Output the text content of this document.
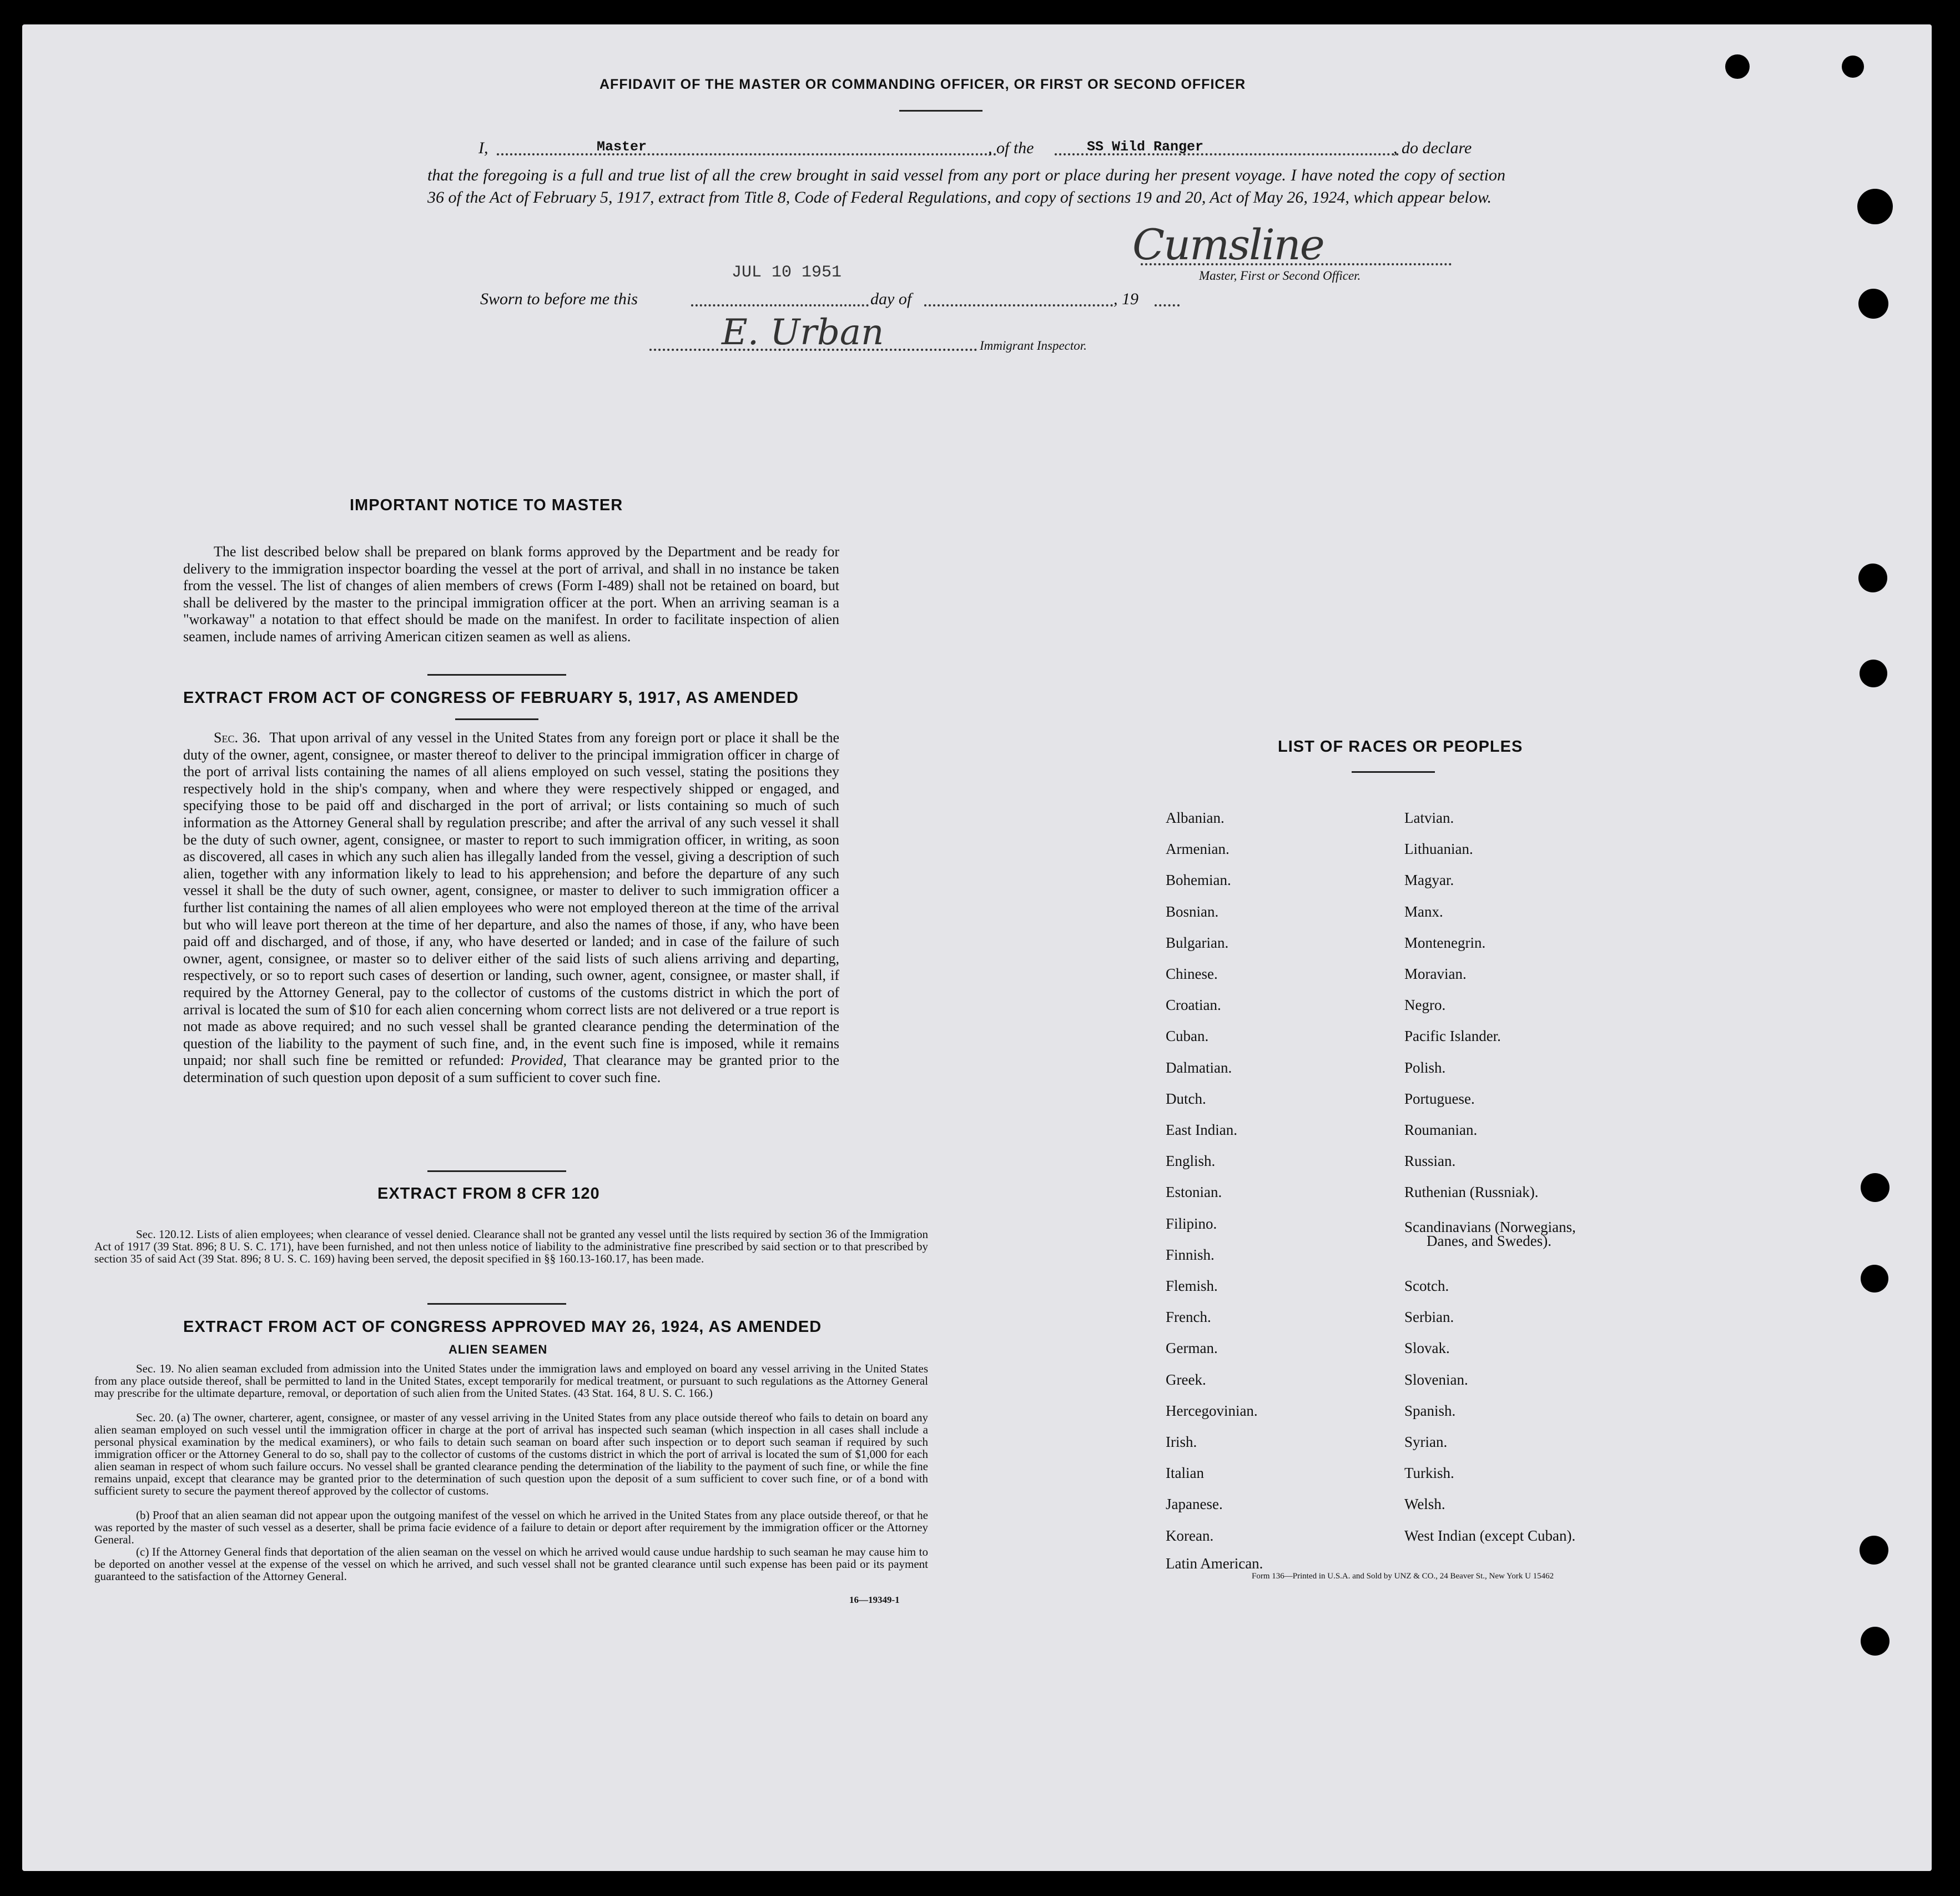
AFFIDAVIT OF THE MASTER OR COMMANDING OFFICER, OR FIRST OR SECOND OFFICER
I,	Master	, of the	SS Wild Ranger	, do declare
that the foregoing is a full and true list of all the crew brought in said vessel from any port or place during her present voyage. I have noted the copy of section 36 of the Act of February 5, 1917, extract from Title 8, Code of Federal Regulations, and copy of sections 19 and 20, Act of May 26, 1924, which appear below.
Cumsline
Master, First or Second Officer.
JUL 10 1951
Sworn to before me this	day of	, 19
E. Urban	Immigrant Inspector.
IMPORTANT NOTICE TO MASTER
The list described below shall be prepared on blank forms approved by the Department and be ready for delivery to the immigration inspector boarding the vessel at the port of arrival, and shall in no instance be taken from the vessel. The list of changes of alien members of crews (Form I-489) shall not be retained on board, but shall be delivered by the master to the principal immigration officer at the port. When an arriving seaman is a "workaway" a notation to that effect should be made on the manifest. In order to facilitate inspection of alien seamen, include names of arriving American citizen seamen as well as aliens.
EXTRACT FROM ACT OF CONGRESS OF FEBRUARY 5, 1917, AS AMENDED
Sec. 36. That upon arrival of any vessel in the United States from any foreign port or place it shall be the duty of the owner, agent, consignee, or master thereof to deliver to the principal immigration officer in charge of the port of arrival lists containing the names of all aliens employed on such vessel, stating the positions they respectively hold in the ship's company, when and where they were respectively shipped or engaged, and specifying those to be paid off and discharged in the port of arrival; or lists containing so much of such information as the Attorney General shall by regulation prescribe; and after the arrival of any such vessel it shall be the duty of such owner, agent, consignee, or master to report to such immigration officer, in writing, as soon as discovered, all cases in which any such alien has illegally landed from the vessel, giving a description of such alien, together with any information likely to lead to his apprehension; and before the departure of any such vessel it shall be the duty of such owner, agent, consignee, or master to deliver to such immigration officer a further list containing the names of all alien employees who were not employed thereon at the time of the arrival but who will leave port thereon at the time of her departure, and also the names of those, if any, who have been paid off and discharged, and of those, if any, who have deserted or landed; and in case of the failure of such owner, agent, consignee, or master so to deliver either of the said lists of such aliens arriving and departing, respectively, or so to report such cases of desertion or landing, such owner, agent, consignee, or master shall, if required by the Attorney General, pay to the collector of customs of the customs district in which the port of arrival is located the sum of $10 for each alien concerning whom correct lists are not delivered or a true report is not made as above required; and no such vessel shall be granted clearance pending the determination of the question of the liability to the payment of such fine, and, in the event such fine is imposed, while it remains unpaid; nor shall such fine be remitted or refunded: Provided, That clearance may be granted prior to the determination of such question upon deposit of a sum sufficient to cover such fine.
EXTRACT FROM 8 CFR 120
Sec. 120.12. Lists of alien employees; when clearance of vessel denied. Clearance shall not be granted any vessel until the lists required by section 36 of the Immigration Act of 1917 (39 Stat. 896; 8 U. S. C. 171), have been furnished, and not then unless notice of liability to the administrative fine prescribed by said section or to that prescribed by section 35 of said Act (39 Stat. 896; 8 U. S. C. 169) having been served, the deposit specified in §§ 160.13-160.17, has been made.
EXTRACT FROM ACT OF CONGRESS APPROVED MAY 26, 1924, AS AMENDED
ALIEN SEAMEN
Sec. 19. No alien seaman excluded from admission into the United States under the immigration laws and employed on board any vessel arriving in the United States from any place outside thereof, shall be permitted to land in the United States, except temporarily for medical treatment, or pursuant to such regulations as the Attorney General may prescribe for the ultimate departure, removal, or deportation of such alien from the United States. (43 Stat. 164, 8 U. S. C. 166.)
Sec. 20. (a) The owner, charterer, agent, consignee, or master of any vessel arriving in the United States from any place outside thereof who fails to detain on board any alien seaman employed on such vessel until the immigration officer in charge at the port of arrival has inspected such seaman (which inspection in all cases shall include a personal physical examination by the medical examiners), or who fails to detain such seaman on board after such inspection or to deport such seaman if required by such immigration officer or the Attorney General to do so, shall pay to the collector of customs of the customs district in which the port of arrival is located the sum of $1,000 for each alien seaman in respect of whom such failure occurs. No vessel shall be granted clearance pending the determination of the liability to the payment of such fine, or while the fine remains unpaid, except that clearance may be granted prior to the determination of such question upon the deposit of a sum sufficient to cover such fine, or of a bond with sufficient surety to secure the payment thereof approved by the collector of customs.
(b) Proof that an alien seaman did not appear upon the outgoing manifest of the vessel on which he arrived in the United States from any place outside thereof, or that he was reported by the master of such vessel as a deserter, shall be prima facie evidence of a failure to detain or deport after requirement by the immigration officer or the Attorney General.
(c) If the Attorney General finds that deportation of the alien seaman on the vessel on which he arrived would cause undue hardship to such seaman he may cause him to be deported on another vessel at the expense of the vessel on which he arrived, and such vessel shall not be granted clearance until such expense has been paid or its payment guaranteed to the satisfaction of the Attorney General.
16—19349-1
LIST OF RACES OR PEOPLES
Form 136—Printed in U.S.A. and Sold by UNZ & CO., 24 Beaver St., New York U 15462
Albanian.
Armenian.
Bohemian.
Bosnian.
Bulgarian.
Chinese.
Croatian.
Cuban.
Dalmatian.
Dutch.
East Indian.
English.
Estonian.
Filipino.
Finnish.
Flemish.
French.
German.
Greek.
Hercegovinian.
Irish.
Italian
Japanese.
Korean.
Latin American.
Latvian.
Lithuanian.
Magyar.
Manx.
Montenegrin.
Moravian.
Negro.
Pacific Islander.
Polish.
Portuguese.
Roumanian.
Russian.
Ruthenian (Russniak).
Scandinavians (Norwegians,
Danes, and Swedes).
Scotch.
Serbian.
Slovak.
Slovenian.
Spanish.
Syrian.
Turkish.
Welsh.
West Indian (except Cuban).
